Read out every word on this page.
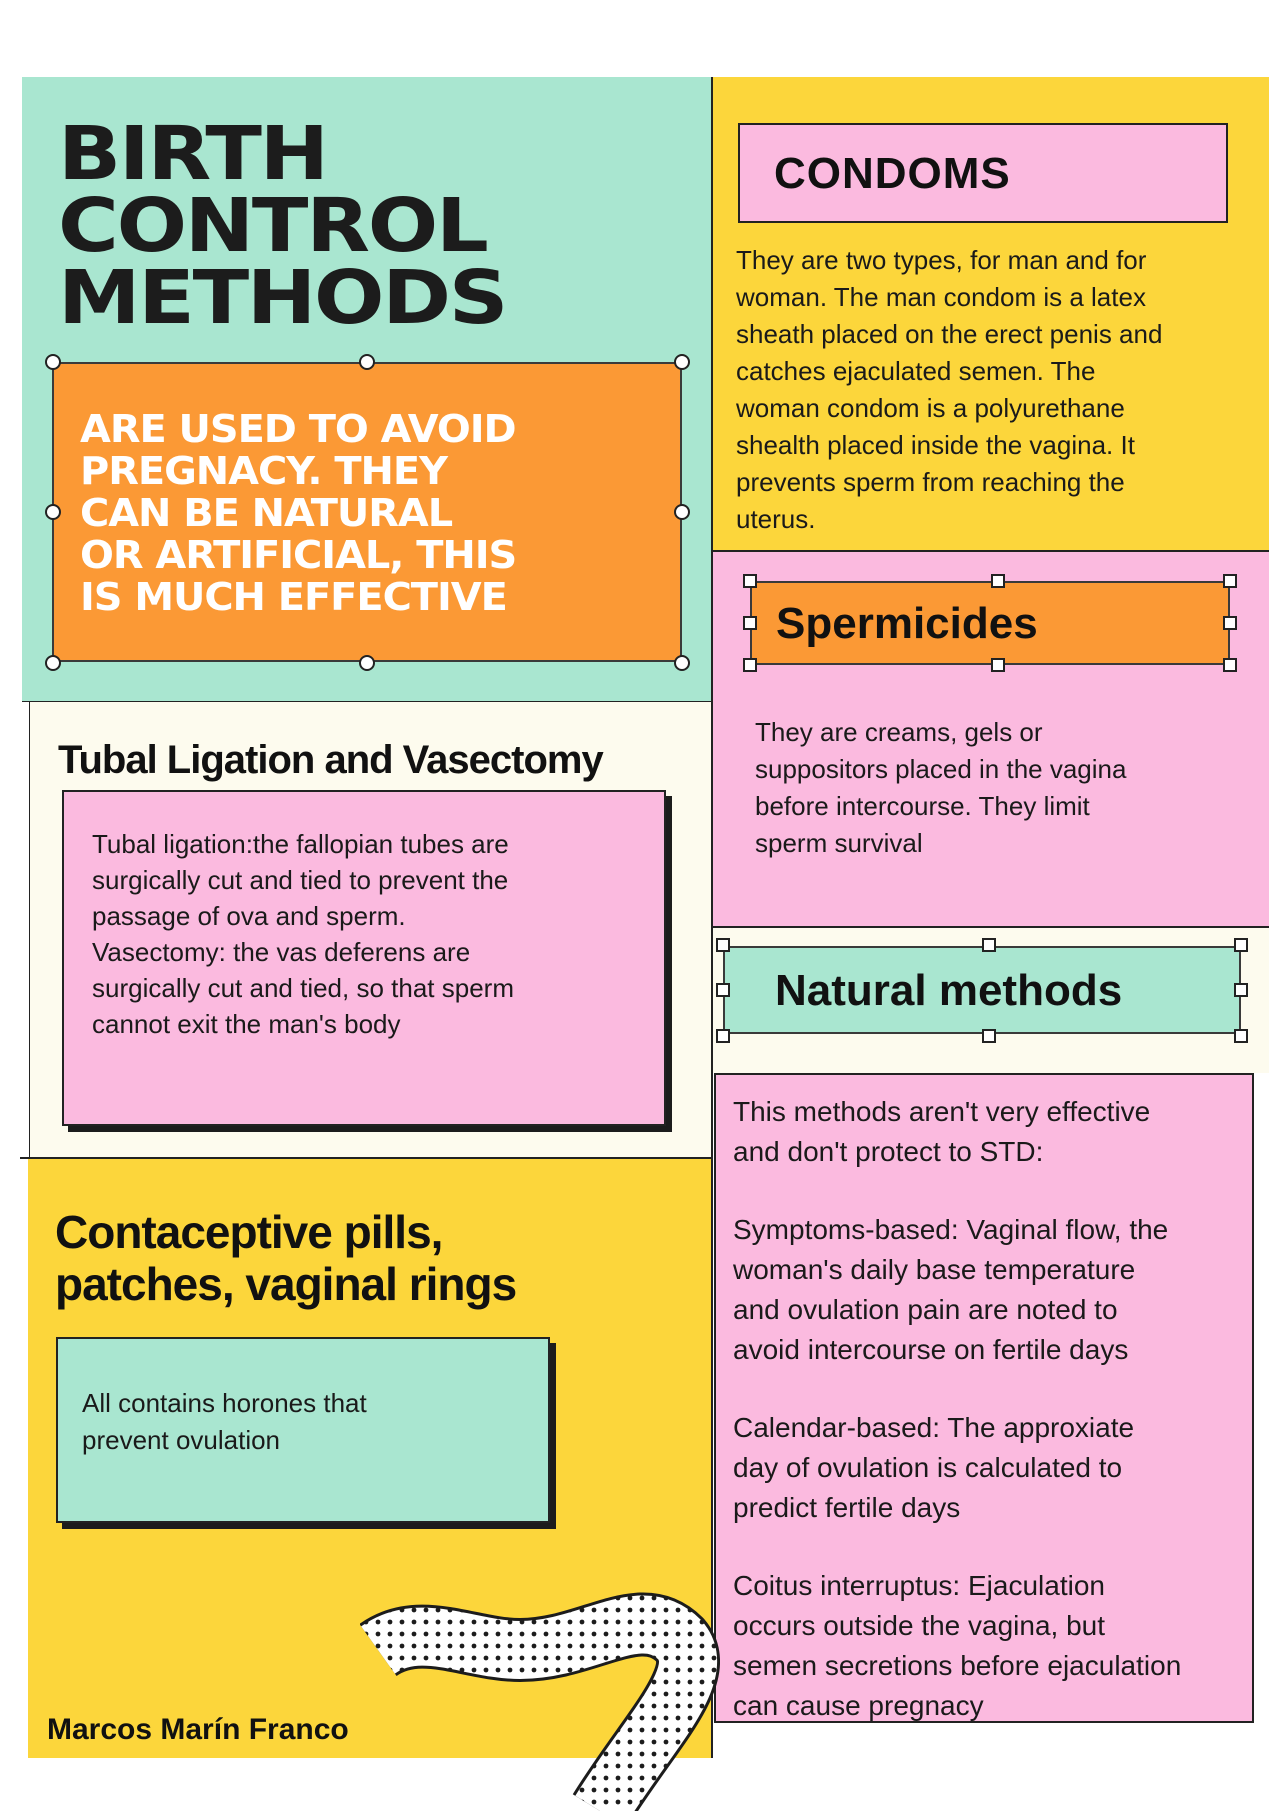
BIRTH
CONTROL
METHODS
ARE USED TO AVOID
PREGNACY. THEY
CAN BE NATURAL
OR ARTIFICIAL, THIS
IS MUCH EFFECTIVE
CONDOMS
They are two types, for man and for
woman. The man condom is a latex
sheath placed on the erect penis and
catches ejaculated semen. The
woman condom is a polyurethane
shealth placed inside the vagina. It
prevents sperm from reaching the
uterus.
Spermicides
They are creams, gels or
suppositors placed in the vagina
before intercourse. They limit
sperm survival
Natural methods
This methods aren't very effective
and don't protect to STD:
Symptoms-based: Vaginal flow, the
woman's daily base temperature
and ovulation pain are noted to
avoid intercourse on fertile days
Calendar-based: The approxiate
day of ovulation is calculated to
predict fertile days
Coitus interruptus: Ejaculation
occurs outside the vagina, but
semen secretions before ejaculation
can cause pregnacy
Tubal Ligation and Vasectomy
Tubal ligation:the fallopian tubes are
surgically cut and tied to prevent the
passage of ova and sperm.
Vasectomy: the vas deferens are
surgically cut and tied, so that sperm
cannot exit the man's body
Contaceptive pills,
patches, vaginal rings
All contains horones that
prevent ovulation
Marcos Marín Franco
